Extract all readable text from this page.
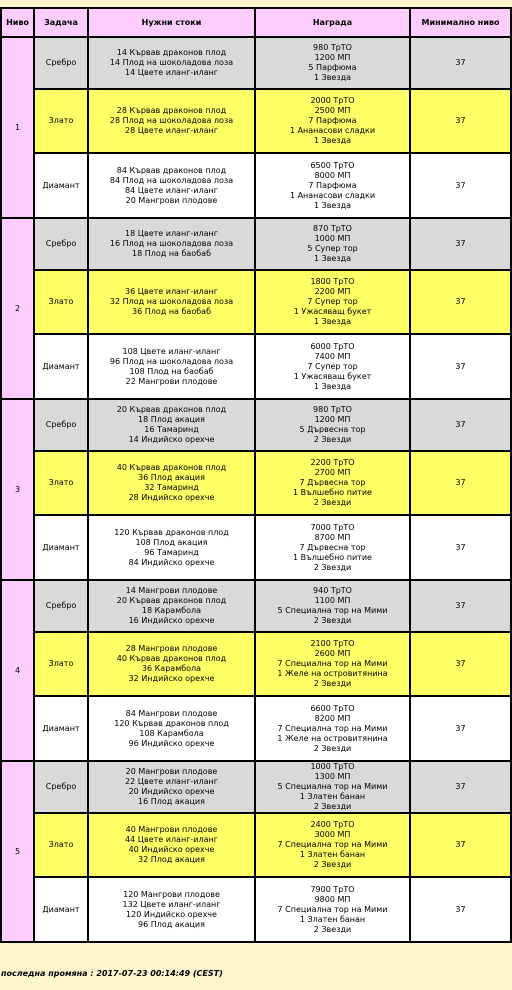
Ниво	Задача	Нужни стоки	Награда	Минимално ниво
1	Сребро	14 Кървав драконов плод
14 Плод на шоколадова лоза
14 Цвете иланг-иланг	980 ТрТО
1200 МП
5 Парфюма
1 Звезда	37
	Злато	28 Кървав драконов плод
28 Плод на шоколадова лоза
28 Цвете иланг-иланг	2000 ТрТО
2500 МП
7 Парфюма
1 Ананасови сладки
1 Звезда	37
	Диамант	84 Кървав драконов плод
84 Плод на шоколадова лоза
84 Цвете иланг-иланг
20 Мангрови плодове	6500 ТрТО
8000 МП
7 Парфюма
1 Ананасови сладки
1 Звезда	37
2	Сребро	18 Цвете иланг-иланг
16 Плод на шоколадова лоза
18 Плод на баобаб	870 ТрТО
1000 МП
5 Супер тор
1 Звезда	37
	Злато	36 Цвете иланг-иланг
32 Плод на шоколадова лоза
36 Плод на баобаб	1800 ТрТО
2200 МП
7 Супер тор
1 Ужасяващ букет
1 Звезда	37
	Диамант	108 Цвете иланг-иланг
96 Плод на шоколадова лоза
108 Плод на баобаб
22 Мангрови плодове	6000 ТрТО
7400 МП
7 Супер тор
1 Ужасяващ букет
1 Звезда	37
3	Сребро	20 Кървав драконов плод
18 Плод акация
16 Тамаринд
14 Индийско орехче	980 ТрТО
1200 МП
5 Дървесна тор
2 Звезди	37
	Злато	40 Кървав драконов плод
36 Плод акация
32 Тамаринд
28 Индийско орехче	2200 ТрТО
2700 МП
7 Дървесна тор
1 Вълшебно питие
2 Звезди	37
	Диамант	120 Кървав драконов плод
108 Плод акация
96 Тамаринд
84 Индийско орехче	7000 ТрТО
8700 МП
7 Дървесна тор
1 Вълшебно питие
2 Звезди	37
4	Сребро	14 Мангрови плодове
20 Кървав драконов плод
18 Карамбола
16 Индийско орехче	940 ТрТО
1100 МП
5 Специална тор на Мими
2 Звезди	37
	Злато	28 Мангрови плодове
40 Кървав драконов плод
36 Карамбола
32 Индийско орехче	2100 ТрТО
2600 МП
7 Специална тор на Мими
1 Желе на островитянина
2 Звезди	37
	Диамант	84 Мангрови плодове
120 Кървав драконов плод
108 Карамбола
96 Индийско орехче	6600 ТрТО
8200 МП
7 Специална тор на Мими
1 Желе на островитянина
2 Звезди	37
5	Сребро	20 Мангрови плодове
22 Цвете иланг-иланг
20 Индийско орехче
16 Плод акация	1000 ТрТО
1300 МП
5 Специална тор на Мими
1 Златен банан
2 Звезди	37
	Злато	40 Мангрови плодове
44 Цвете иланг-иланг
40 Индийско орехче
32 Плод акация	2400 ТрТО
3000 МП
7 Специална тор на Мими
1 Златен банан
2 Звезди	37
	Диамант	120 Мангрови плодове
132 Цвете иланг-иланг
120 Индийско орехче
96 Плод акация	7900 ТрТО
9800 МП
7 Специална тор на Мими
1 Златен банан
2 Звезди	37
последна промяна : 2017-07-23 00:14:49 (CEST)
